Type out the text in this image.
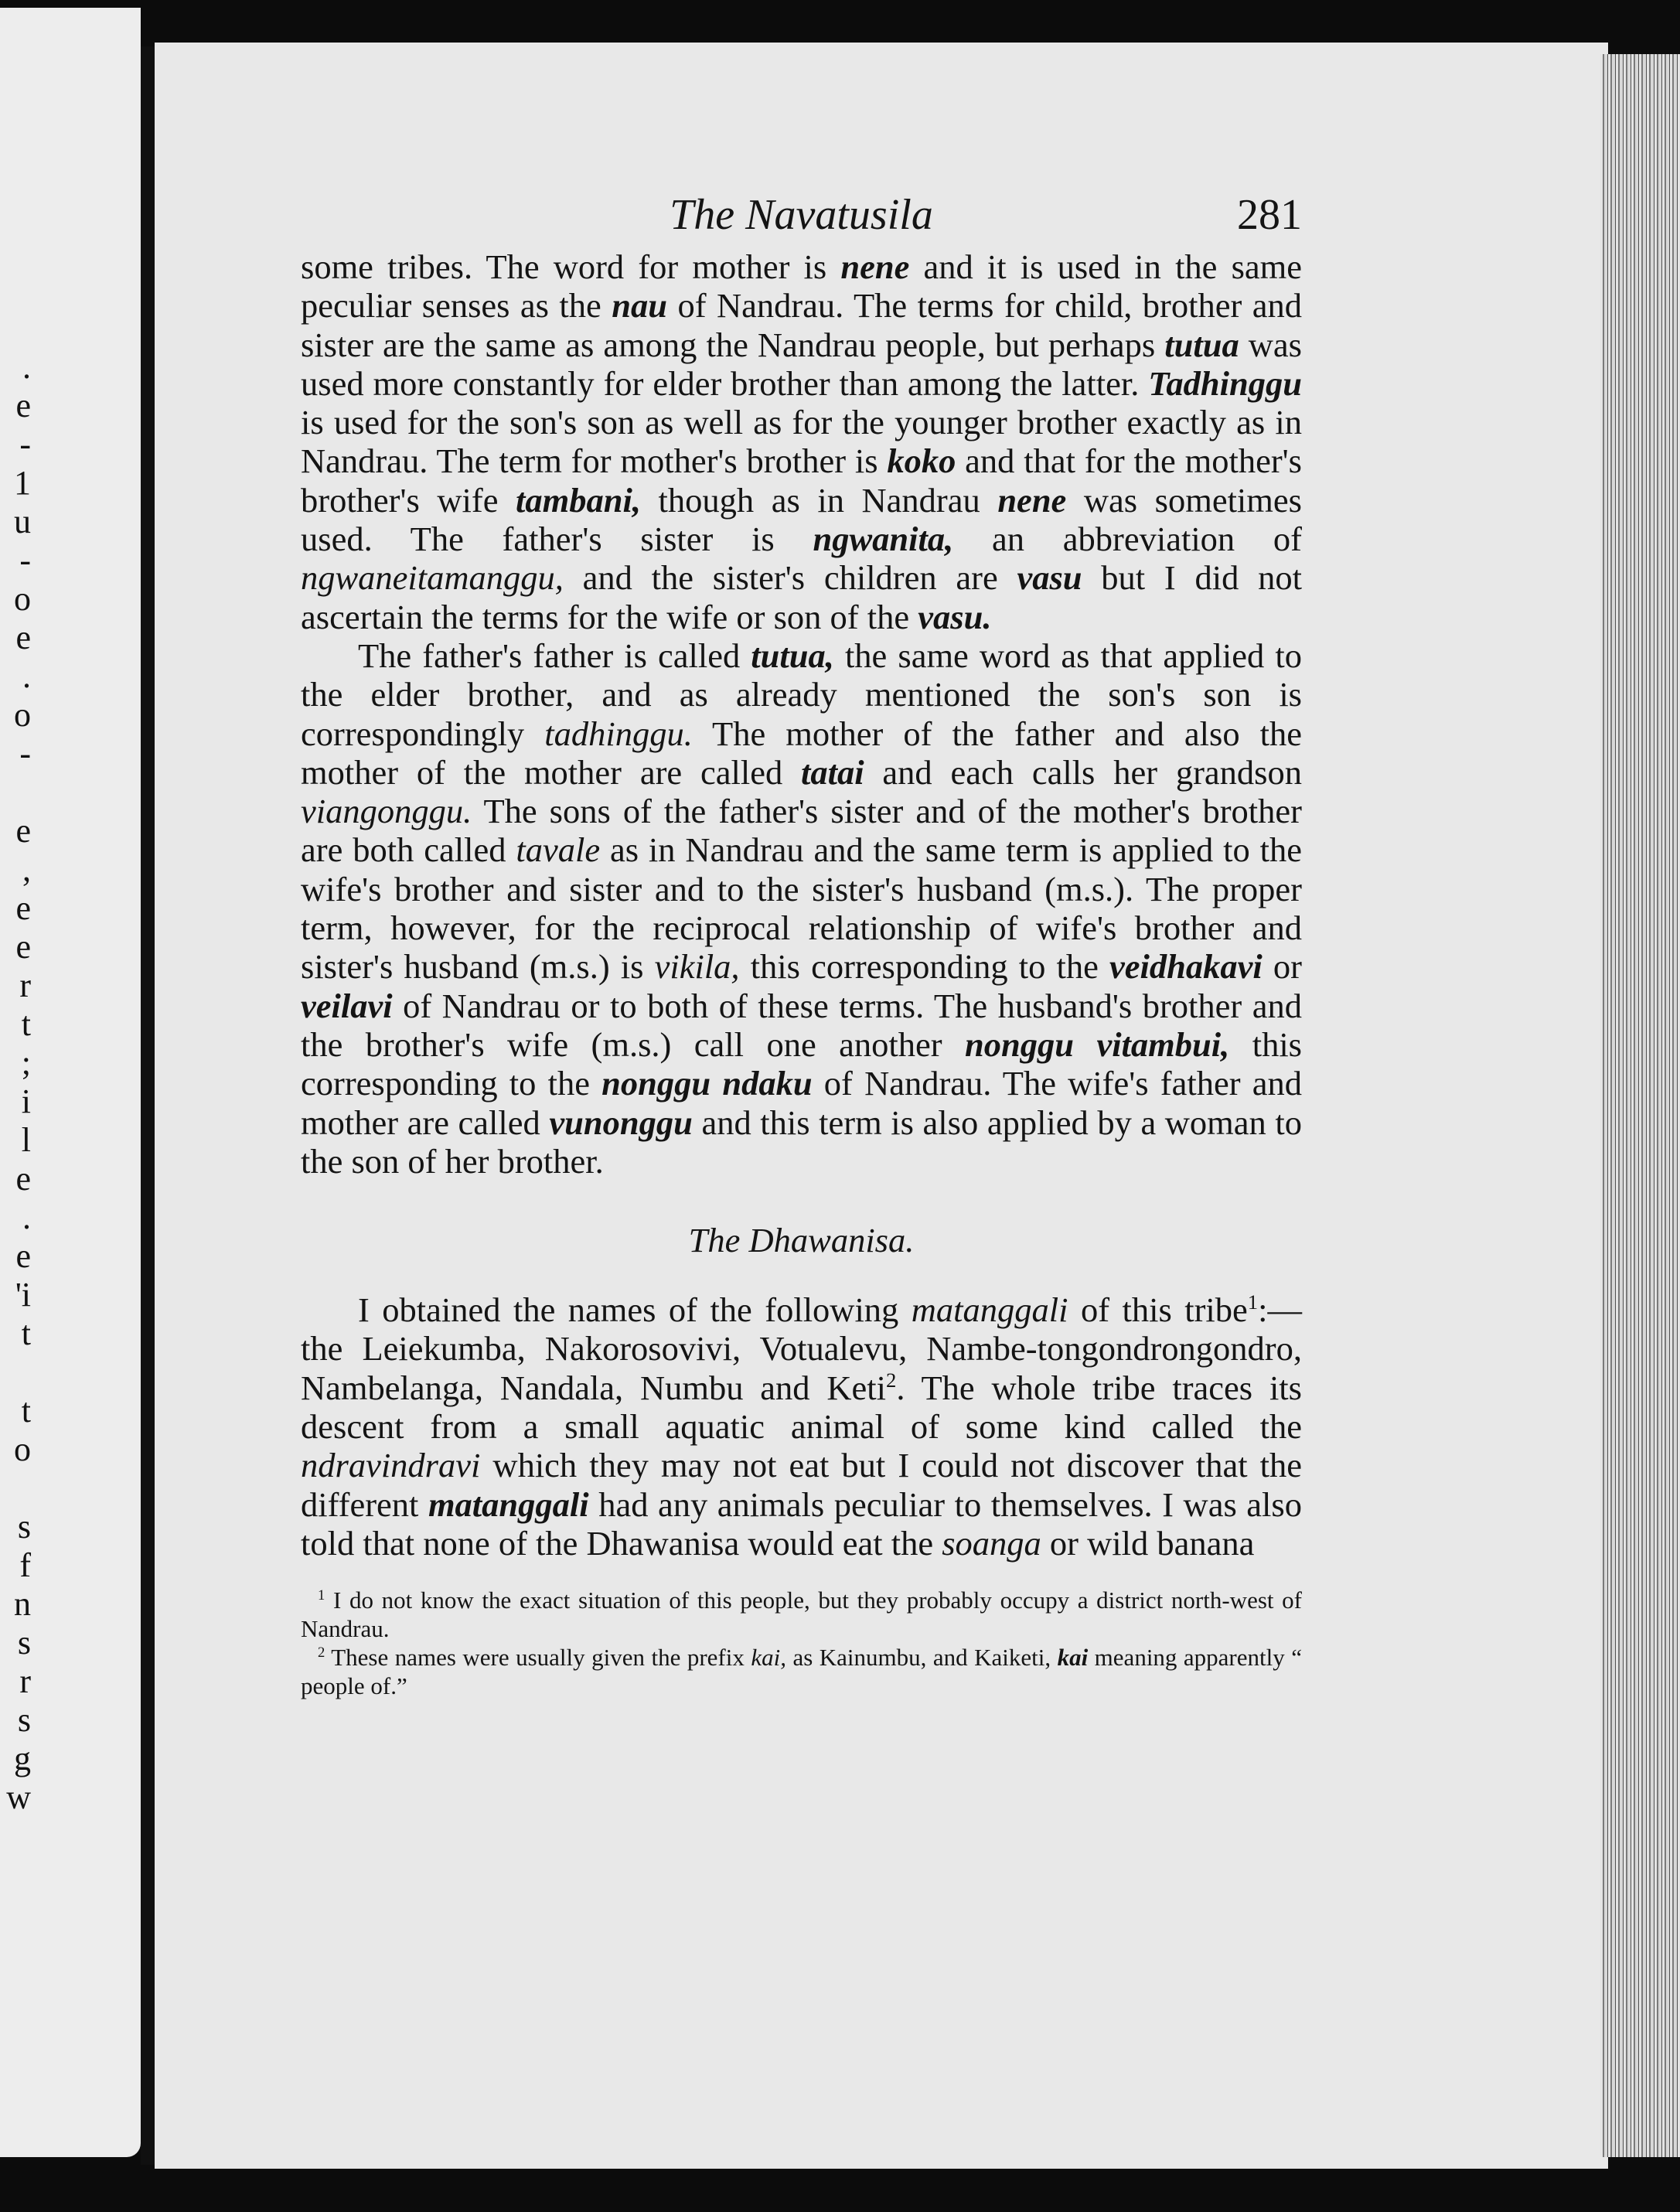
.
e
-
1
u
-
o
e
.
o
-
e
,
e
e
r
t
;
i
l
e
.
e
'i
t
t
o
s
f
n
s
r
s
g
w
The Navatusila	281

some tribes. The word for mother is nene and it is used in the same peculiar senses as the nau of Nandrau. The terms for child, brother and sister are the same as among the Nandrau people, but perhaps tutua was used more constantly for elder brother than among the latter. Tadhinggu is used for the son's son as well as for the younger brother exactly as in Nandrau. The term for mother's brother is koko and that for the mother's brother's wife tambani, though as in Nandrau nene was sometimes used. The father's sister is ngwanita, an abbreviation of ngwaneitamanggu, and the sister's children are vasu but I did not ascertain the terms for the wife or son of the vasu.

The father's father is called tutua, the same word as that applied to the elder brother, and as already mentioned the son's son is correspondingly tadhinggu. The mother of the father and also the mother of the mother are called tatai and each calls her grandson viangonggu. The sons of the father's sister and of the mother's brother are both called tavale as in Nandrau and the same term is applied to the wife's brother and sister and to the sister's husband (m.s.). The proper term, however, for the reciprocal relationship of wife's brother and sister's husband (m.s.) is vikila, this corresponding to the veidhakavi or veilavi of Nandrau or to both of these terms. The husband's brother and the brother's wife (m.s.) call one another nonggu vitambui, this corresponding to the nonggu ndaku of Nandrau. The wife's father and mother are called vunonggu and this term is also applied by a woman to the son of her brother.

The Dhawanisa.

I obtained the names of the following matanggali of this tribe$^1$:—the Leiekumba, Nakorosovivi, Votualevu, Nambe-tongondrongondro, Nambelanga, Nandala, Numbu and Keti$^2$. The whole tribe traces its descent from a small aquatic animal of some kind called the ndravindravi which they may not eat but I could not discover that the different matanggali had any animals peculiar to themselves. I was also told that none of the Dhawanisa would eat the soanga or wild banana

$^1$ I do not know the exact situation of this people, but they probably occupy a district north-west of Nandrau.

$^2$ These names were usually given the prefix kai, as Kainumbu, and Kaiketi, kai meaning apparently “ people of.”
